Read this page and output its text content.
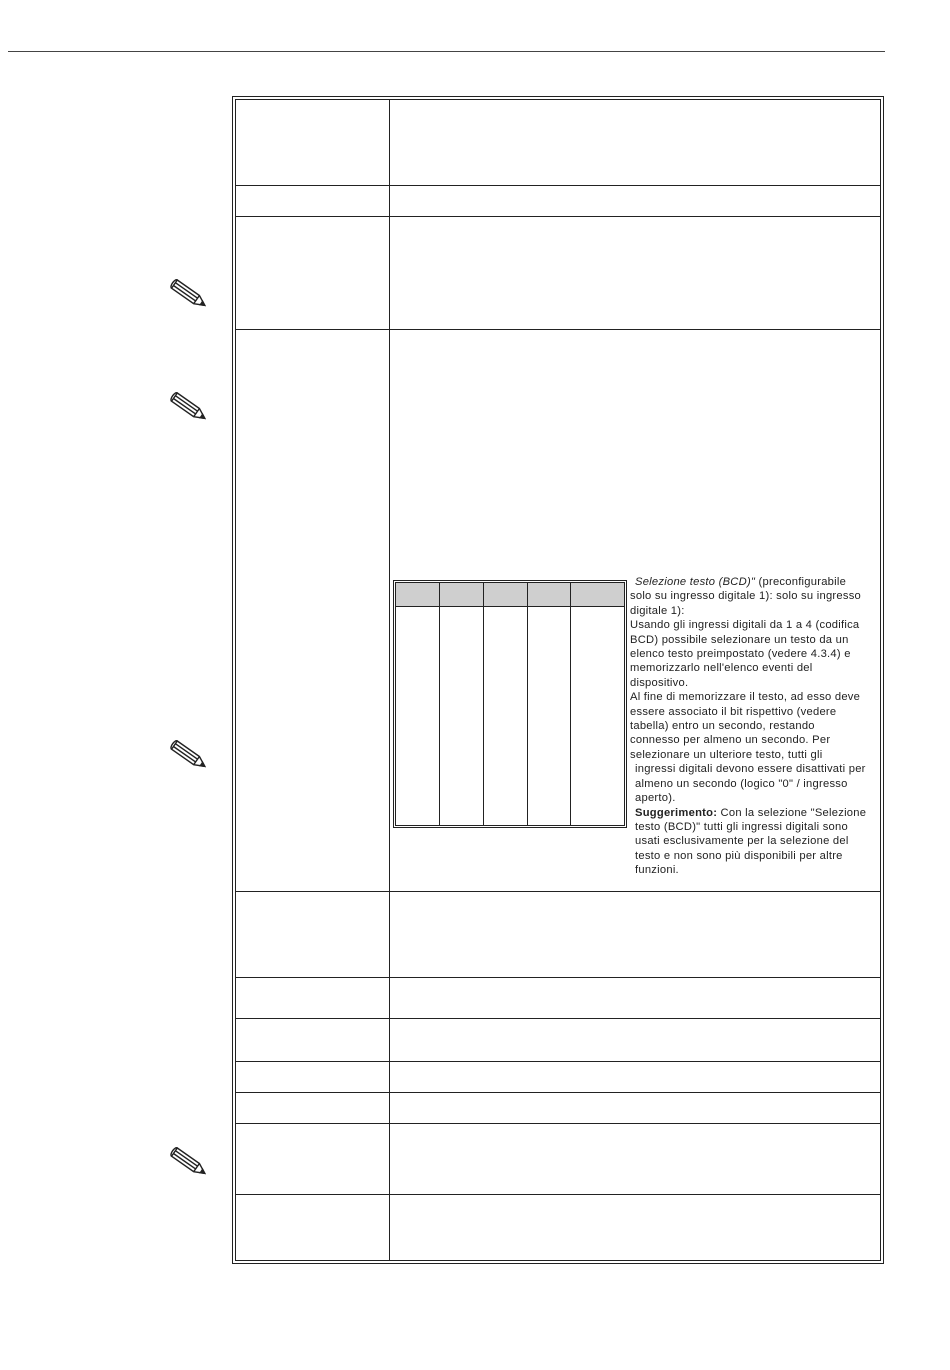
Selezione testo (BCD)" (preconfigurabile

solo su ingresso digitale 1): solo su ingresso

digitale 1):

Usando gli ingressi digitali da 1 a 4 (codifica

BCD) possibile selezionare un testo da un

elenco testo preimpostato (vedere 4.3.4) e

memorizzarlo nell'elenco eventi del

dispositivo.

Al fine di memorizzare il testo, ad esso deve

essere associato il bit rispettivo (vedere

tabella) entro un secondo, restando

connesso per almeno un secondo. Per

selezionare un ulteriore testo, tutti gli

ingressi digitali devono essere disattivati per

almeno un secondo (logico "0" / ingresso

aperto).

Suggerimento: Con la selezione "Selezione

testo (BCD)" tutti gli ingressi digitali sono

usati esclusivamente per la selezione del

testo e non sono più disponibili per altre

funzioni.
